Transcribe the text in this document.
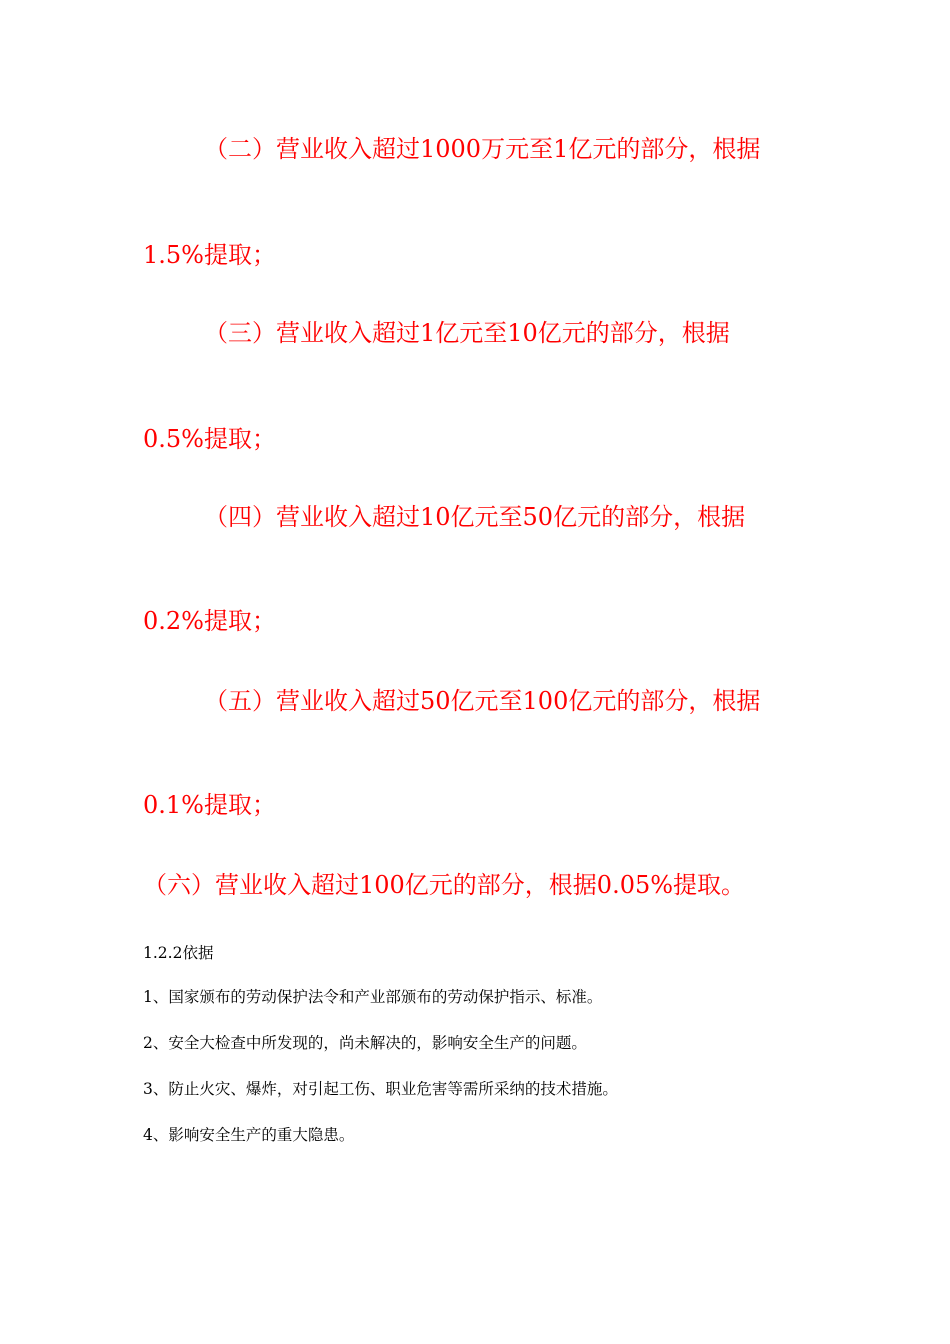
（二）营业收入超过1000万元至1亿元的部分，根据
1.5%提取；
（三）营业收入超过1亿元至10亿元的部分，根据
0.5%提取；
（四）营业收入超过10亿元至50亿元的部分，根据
0.2%提取；
（五）营业收入超过50亿元至100亿元的部分，根据
0.1%提取；
（六）营业收入超过100亿元的部分，根据0.05%提取。
1.2.2依据
1、国家颁布的劳动保护法令和产业部颁布的劳动保护指示、标准。
2、安全大检查中所发现的，尚未解决的，影响安全生产的问题。
3、防止火灾、爆炸，对引起工伤、职业危害等需所采纳的技术措施。
4、影响安全生产的重大隐患。
